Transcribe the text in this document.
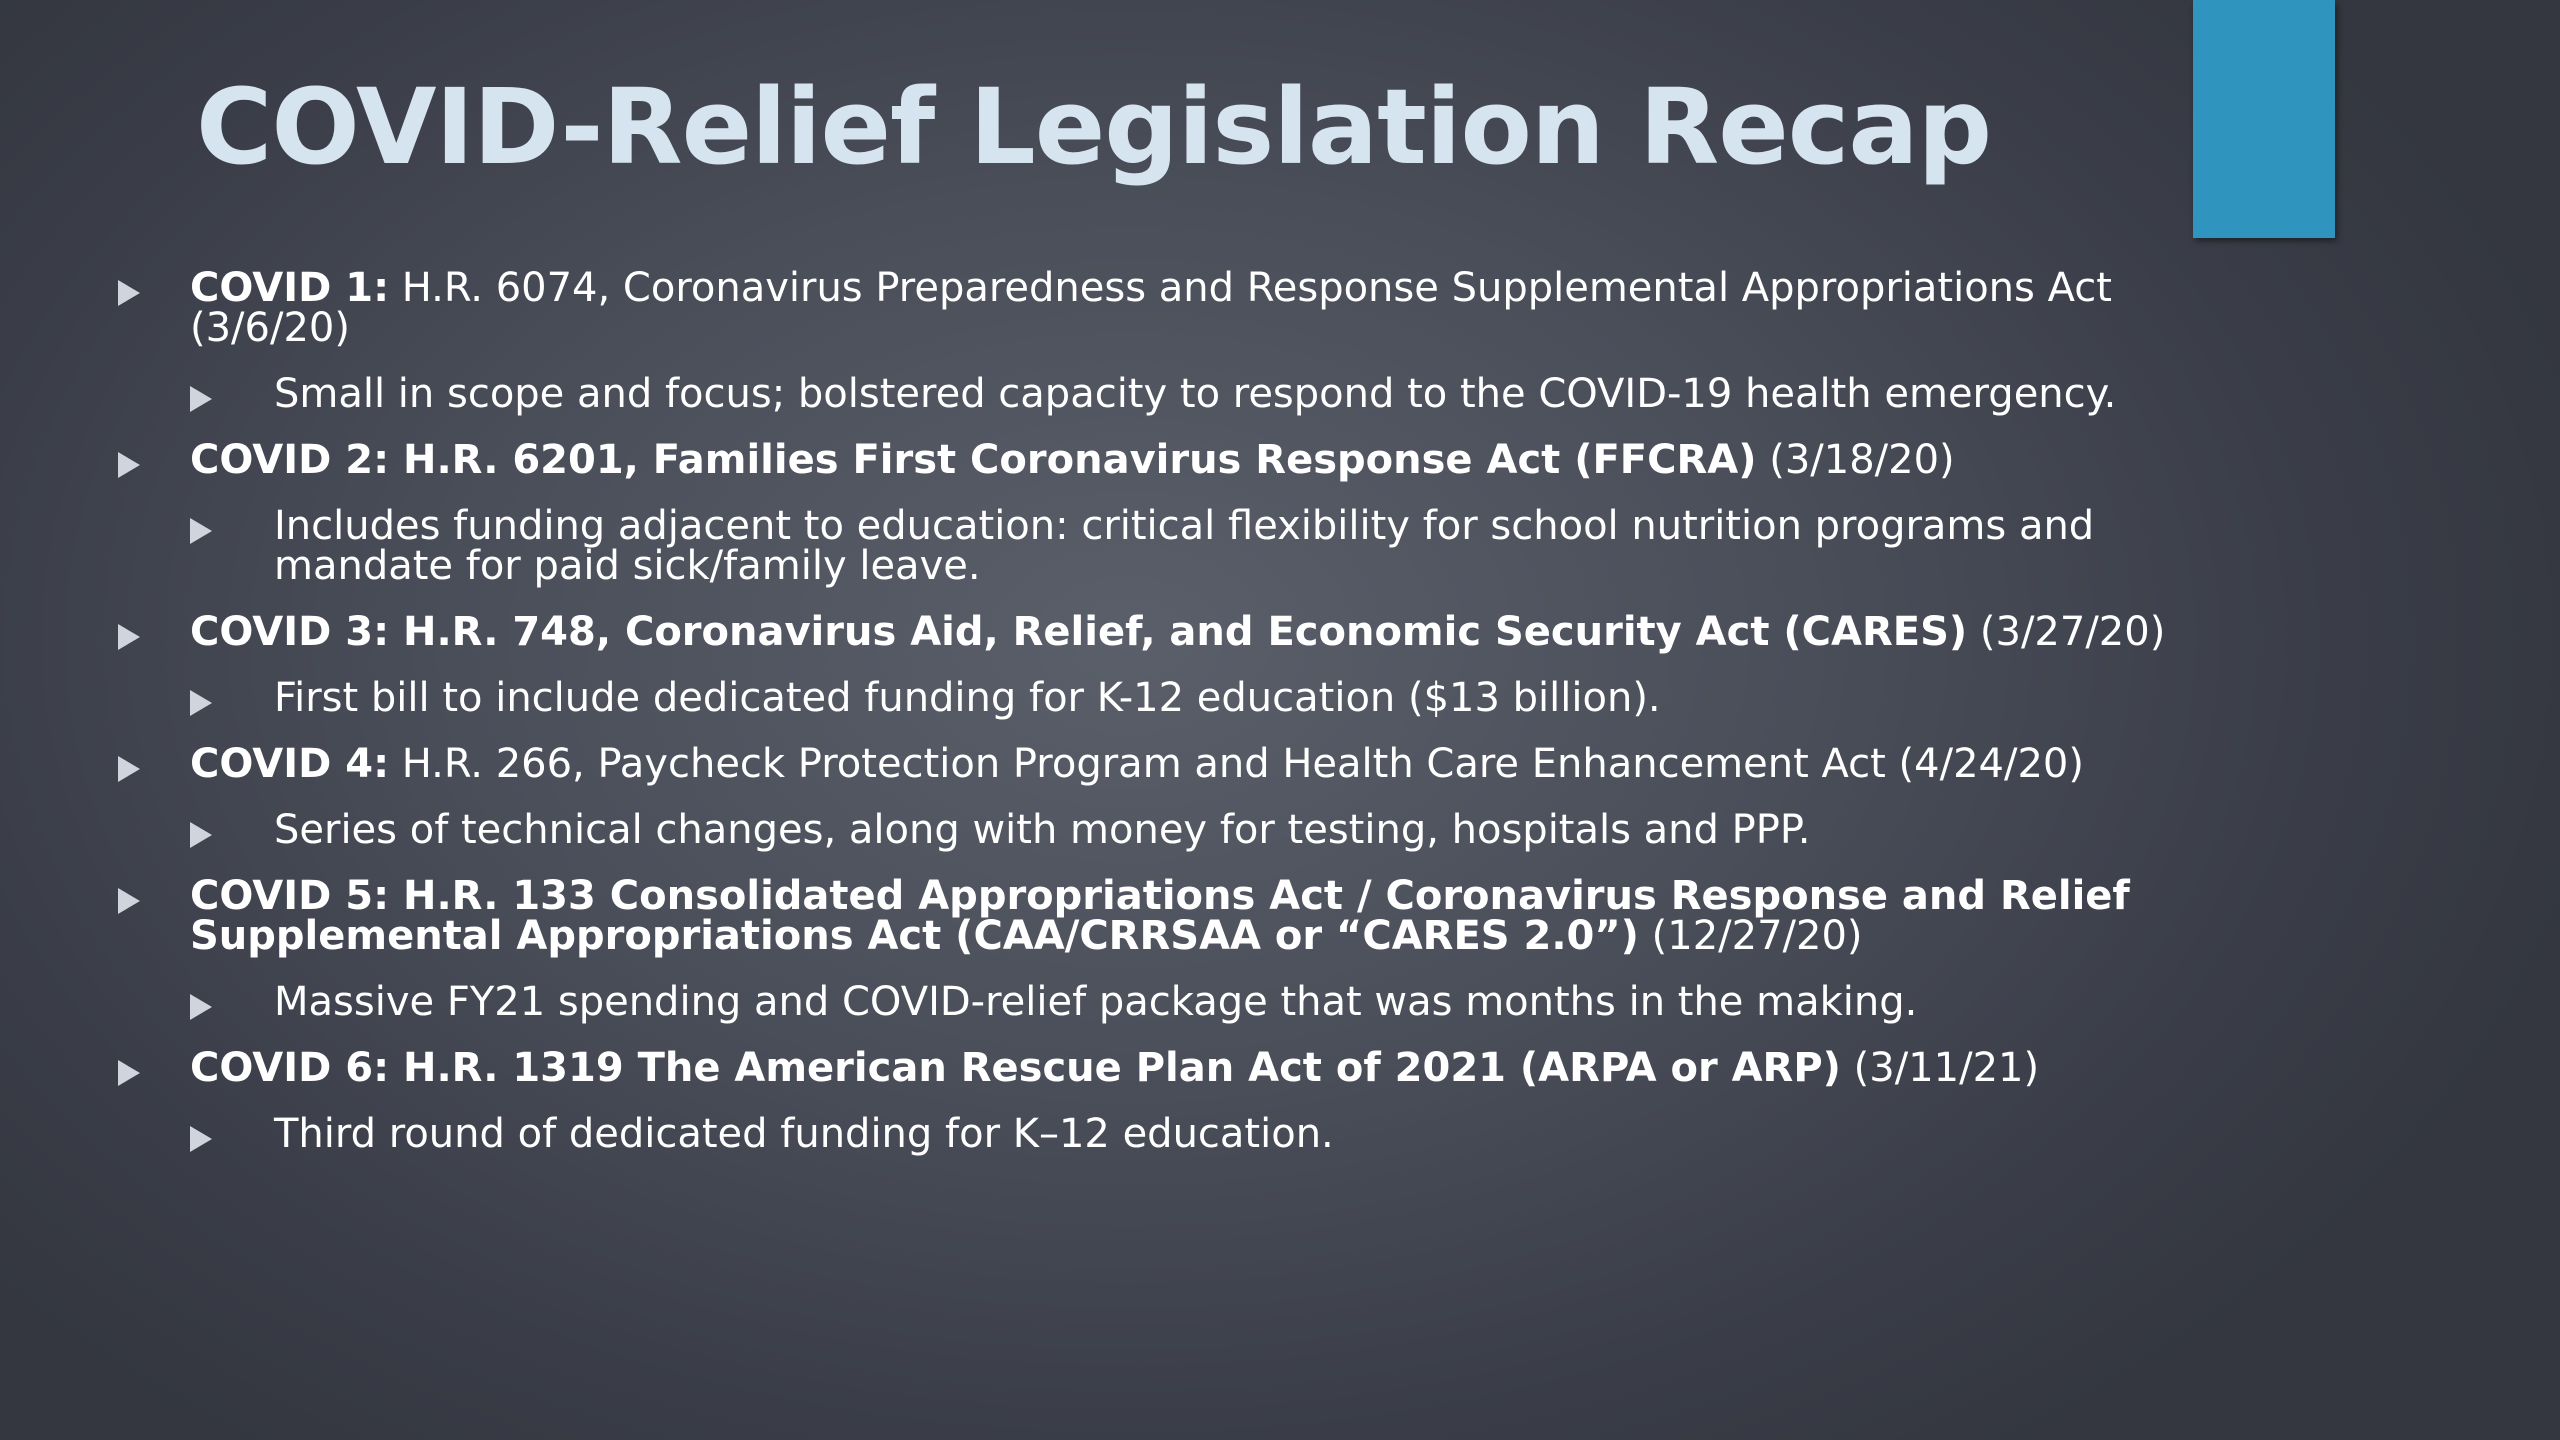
COVID-Relief Legislation Recap
COVID 1: H.R. 6074, Coronavirus Preparedness and Response Supplemental Appropriations Act (3/6/20)
Small in scope and focus; bolstered capacity to respond to the COVID-19 health emergency.
COVID 2: H.R. 6201, Families First Coronavirus Response Act (FFCRA) (3/18/20)
Includes funding adjacent to education: critical flexibility for school nutrition programs and mandate for paid sick/family leave.
COVID 3: H.R. 748, Coronavirus Aid, Relief, and Economic Security Act (CARES) (3/27/20)
First bill to include dedicated funding for K-12 education ($13 billion).
COVID 4: H.R. 266, Paycheck Protection Program and Health Care Enhancement Act (4/24/20)
Series of technical changes, along with money for testing, hospitals and PPP.
COVID 5: H.R. 133 Consolidated Appropriations Act / Coronavirus Response and Relief Supplemental Appropriations Act (CAA/CRRSAA or “CARES 2.0”) (12/27/20)
Massive FY21 spending and COVID-relief package that was months in the making.
COVID 6: H.R. 1319 The American Rescue Plan Act of 2021 (ARPA or ARP) (3/11/21)
Third round of dedicated funding for K–12 education.
